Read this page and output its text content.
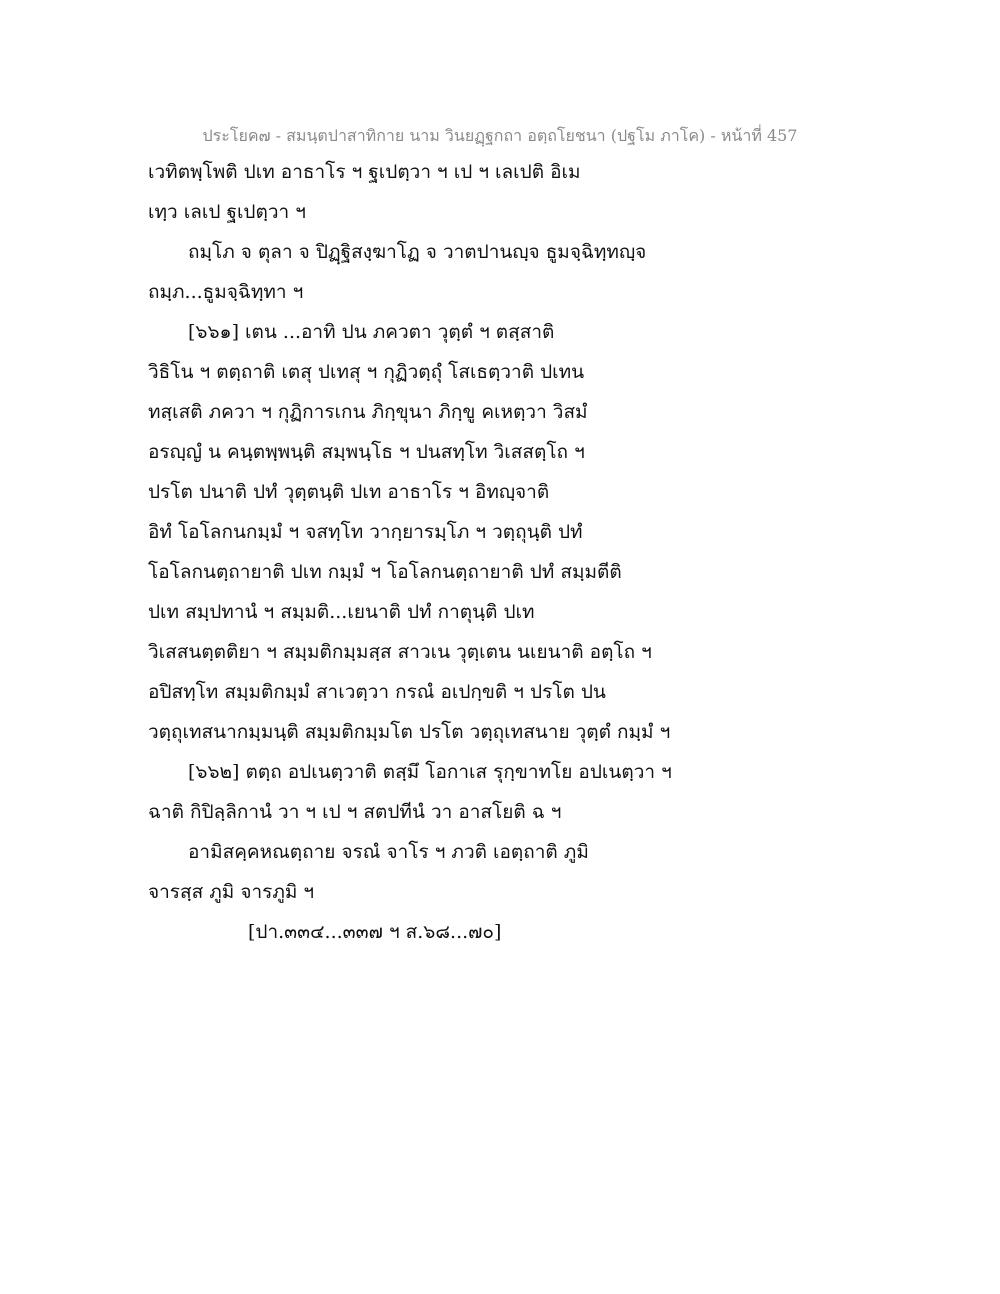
ประโยค๗ - สมนฺตปาสาทิกาย นาม วินยฏฺฐกถา อตฺถโยชนา (ปฐโม ภาโค) - หน้าที่ 457
เวทิตพฺโพติ ปเท อาธาโร ฯ ฐเปตฺวา ฯ เป ฯ เลเปติ อิเม
เทฺว เลเป ฐเปตฺวา ฯ
ถมฺโภ จ ตุลา จ ปิฏฺฐิสงฺฆาโฏ จ วาตปานญฺจ ธูมจฺฉิทฺทญฺจ
ถมฺภ...ธูมจฺฉิทฺทา ฯ
[๖๖๑] เตน ...อาทิ ปน ภควตา วุตฺตํ ฯ ตสฺสาติ
วิธิโน ฯ ตตฺถาติ เตสุ ปเทสุ ฯ กุฏิวตฺถุํ โสเธตฺวาติ ปเทน
ทสฺเสติ ภควา ฯ กุฏิการเกน ภิกฺขุนา ภิกฺขู คเหตฺวา วิสมํ
อรญฺญํ น คนฺตพฺพนฺติ สมฺพนฺโธ ฯ ปนสทฺโท วิเสสตฺโถ ฯ
ปรโต ปนาติ ปทํ วุตฺตนฺติ ปเท อาธาโร ฯ อิทญฺจาติ
อิทํ โอโลกนกมฺมํ ฯ จสทฺโท วากฺยารมฺโภ ฯ วตฺถุนฺติ ปทํ
โอโลกนตฺถายาติ ปเท กมฺมํ ฯ โอโลกนตฺถายาติ ปทํ สมฺมตีติ
ปเท สมฺปทานํ ฯ สมฺมติ...เยนาติ ปทํ กาตุนฺติ ปเท
วิเสสนตฺตติยา ฯ สมฺมติกมฺมสฺส สาวเน วุตฺเตน นเยนาติ อตฺโถ ฯ
อปิสทฺโท สมฺมติกมฺมํ สาเวตฺวา กรณํ อเปกฺขติ ฯ ปรโต ปน
วตฺถุเทสนากมฺมนฺติ สมฺมติกมฺมโต ปรโต วตฺถุเทสนาย วุตฺตํ กมฺมํ ฯ
[๖๖๒] ตตฺถ อปเนตฺวาติ ตสฺมึ โอกาเส รุกฺขาทโย อปเนตฺวา ฯ
ฉาติ กิปิลฺลิกานํ วา ฯ เป ฯ สตปทีนํ วา อาสโยติ ฉ ฯ
อามิสคฺคหณตฺถาย จรณํ จาโร ฯ ภวติ เอตฺถาติ ภูมิ
จารสฺส ภูมิ จารภูมิ ฯ
[ปา.๓๓๔...๓๓๗ ฯ ส.๖๘...๗๐]
